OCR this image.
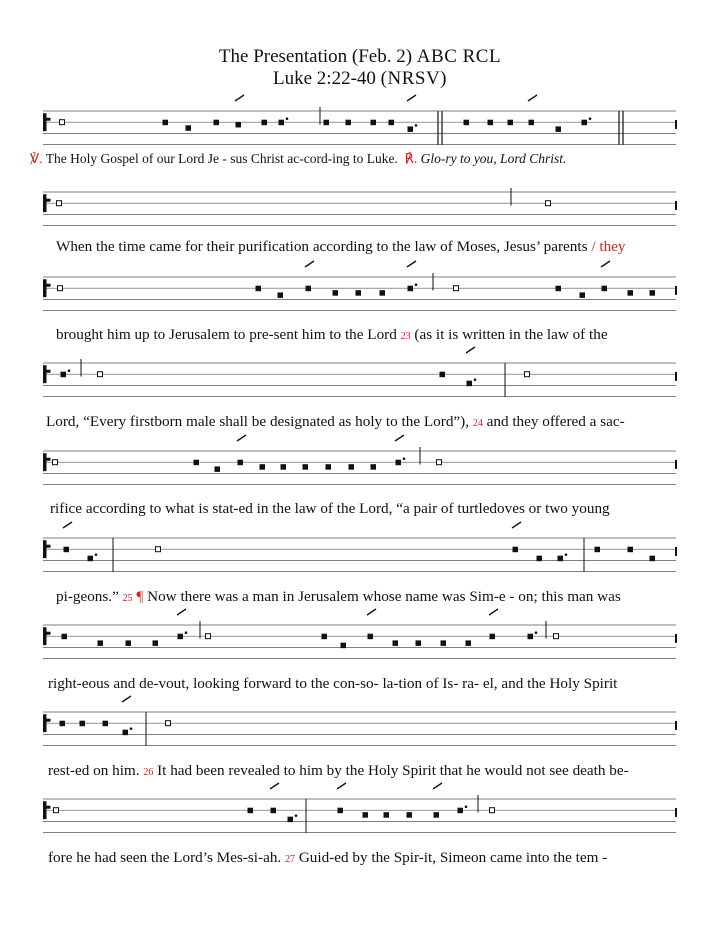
The Presentation (Feb. 2) ABC RCL
Luke 2:22-40 (NRSV)
℣. The Holy Gospel of our Lord Je - sus Christ ac-cord-ing to Luke. ℟. Glo-ry to you, Lord Christ.
When the time came for their purification according to the law of Moses, Jesus’ parents / they
brought him up to Jerusalem to pre-sent him to the Lord 23 (as it is written in the law of the
Lord, “Every firstborn male shall be designated as holy to the Lord”), 24 and they offered a sac-
rifice according to what is stat-ed in the law of the Lord, “a pair of turtledoves or two young
pi-geons.” 25 ¶ Now there was a man in Jerusalem whose name was Sim-e - on; this man was
right-eous and de-vout, looking forward to the con-so- la-tion of Is- ra- el, and the Holy Spirit
rest-ed on him. 26 It had been revealed to him by the Holy Spirit that he would not see death be-
fore he had seen the Lord’s Mes-si-ah. 27 Guid-ed by the Spir-it, Simeon came into the tem -
